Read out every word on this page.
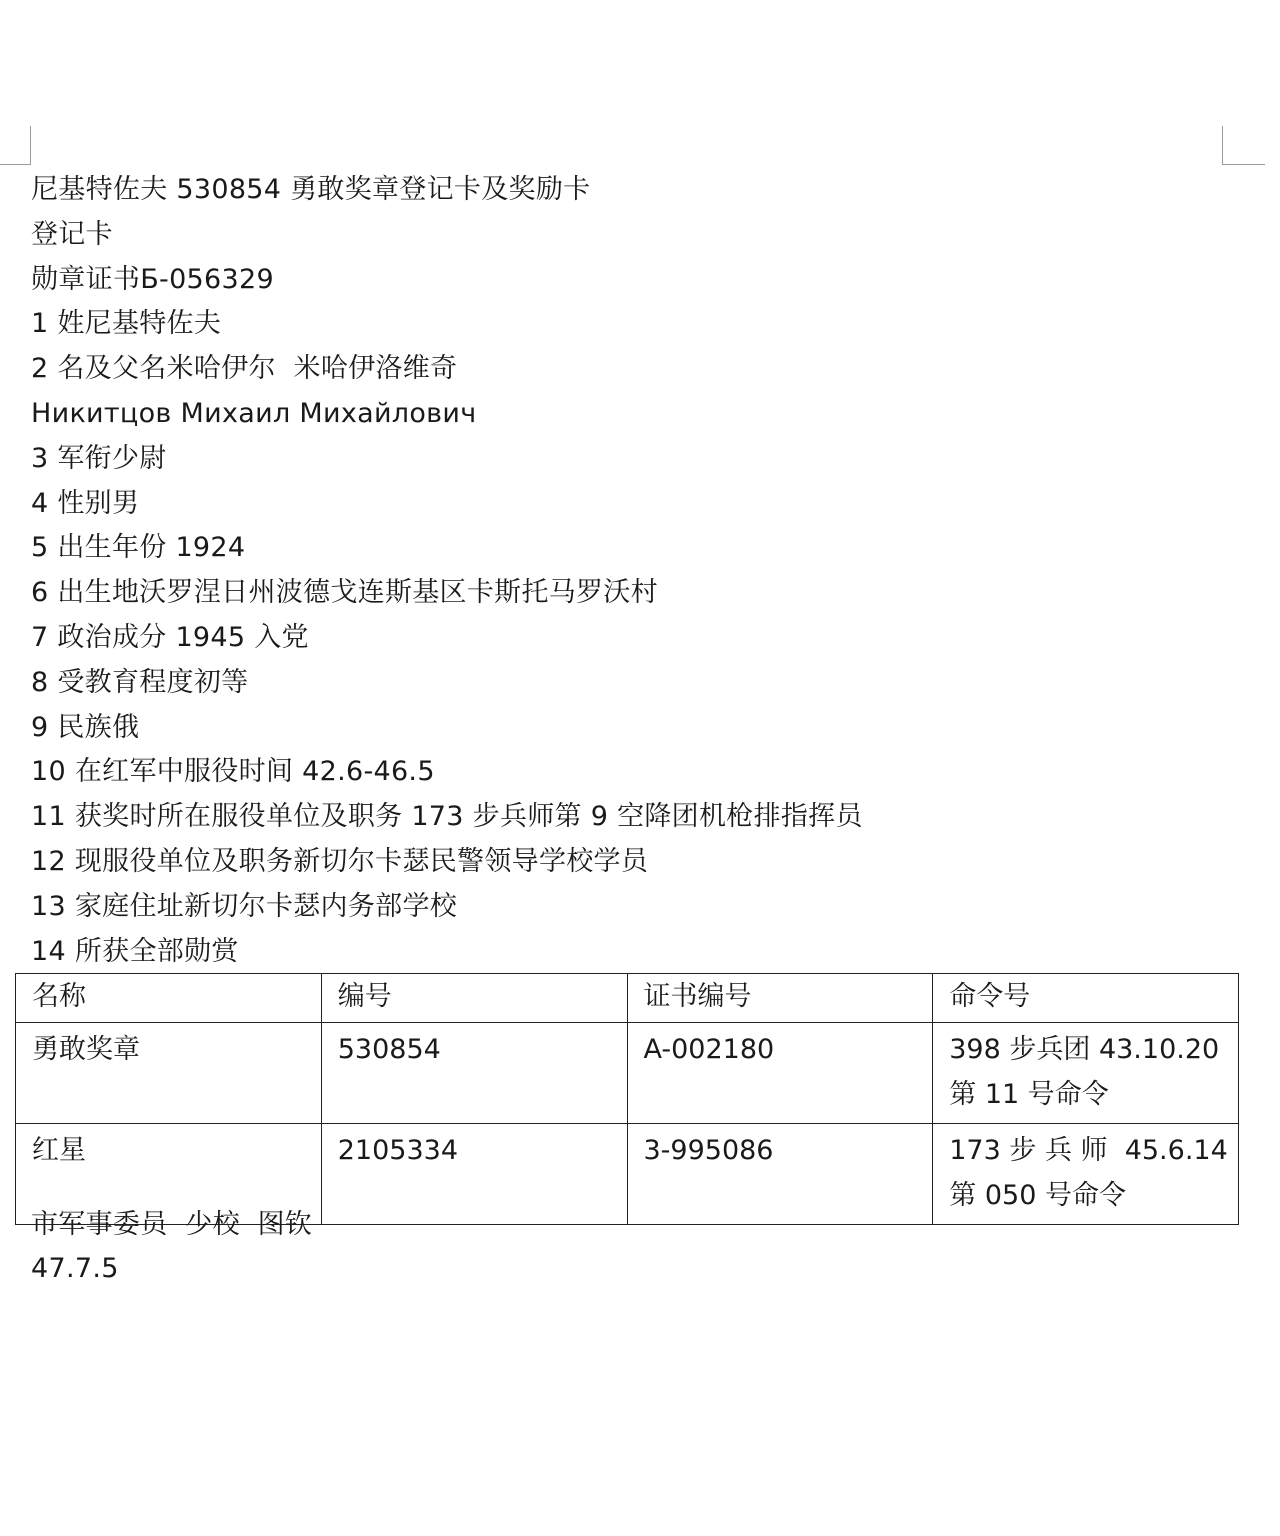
尼基特佐夫 530854 勇敢奖章登记卡及奖励卡
登记卡
勋章证书Б-056329
1 姓尼基特佐夫
2 名及父名米哈伊尔  米哈伊洛维奇
Никитцов Михаил Михайлович
3 军衔少尉
4 性别男
5 出生年份 1924
6 出生地沃罗涅日州波德戈连斯基区卡斯托马罗沃村
7 政治成分 1945 入党
8 受教育程度初等
9 民族俄
10 在红军中服役时间 42.6-46.5
11 获奖时所在服役单位及职务 173 步兵师第 9 空降团机枪排指挥员
12 现服役单位及职务新切尔卡瑟民警领导学校学员
13 家庭住址新切尔卡瑟内务部学校
14 所获全部勋赏
名称	编号	证书编号	命令号
勇敢奖章	530854	A-002180	398 步兵团 43.10.20
第 11 号命令

红星	2105334	3-995086	173 步 兵 师  45.6.14
第 050 号命令
市军事委员  少校  图钦
47.7.5
